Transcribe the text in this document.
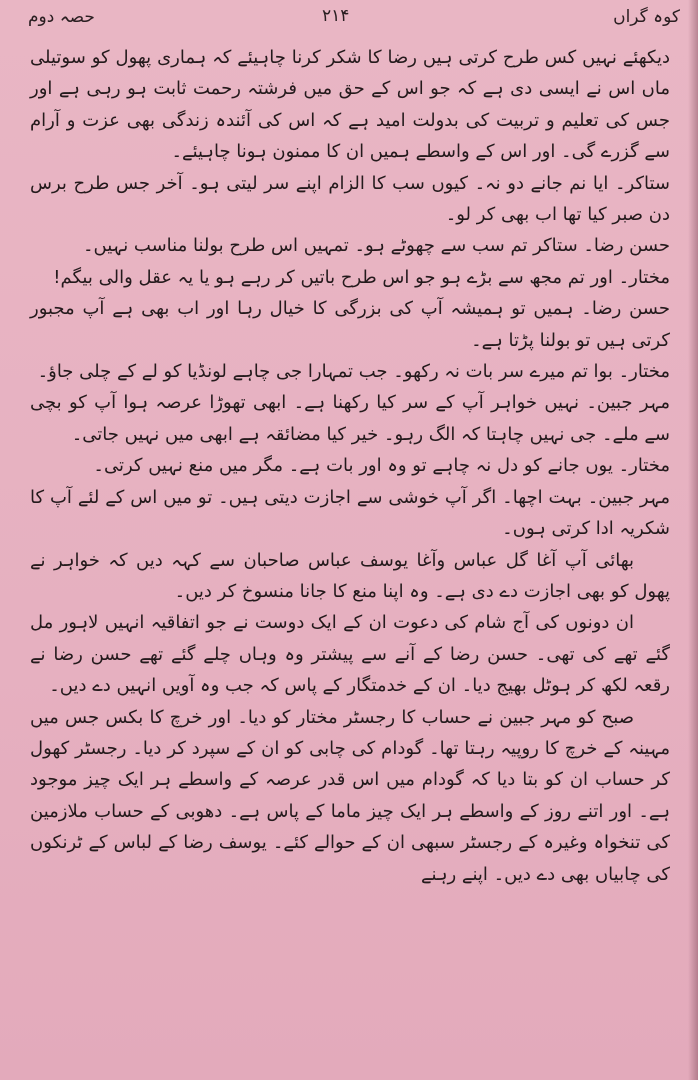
کوہ گراں
۲۱۴
حصہ دوم

دیکھئے نہیں کس طرح کرتی ہیں رضا کا شکر کرنا چاہیئے کہ ہماری پھول کو سوتیلی ماں اس نے ایسی دی ہے کہ جو اس کے حق میں فرشتہ رحمت ثابت ہو رہی ہے اور جس کی تعلیم و تربیت کی بدولت امید ہے کہ اس کی آئندہ زندگی بھی عزت و آرام سے گزرے گی۔ اور اس کے واسطے ہمیں ان کا ممنون ہونا چاہیئے۔

ستاکر۔ ایا نم جانے دو نہ۔ کیوں سب کا الزام اپنے سر لیتی ہو۔ آخر جس طرح برس دن صبر کیا تھا اب بھی کر لو۔

حسن رضا۔ ستاکر تم سب سے چھوٹے ہو۔ تمہیں اس طرح بولنا مناسب نہیں۔

مختار۔ اور تم مجھ سے بڑے ہو جو اس طرح باتیں کر رہے ہو یا یہ عقل والی بیگم!

حسن رضا۔ ہمیں تو ہمیشہ آپ کی بزرگی کا خیال رہا اور اب بھی ہے آپ مجبور کرتی ہیں تو بولنا پڑتا ہے۔

مختار۔ بوا تم میرے سر بات نہ رکھو۔ جب تمہارا جی چاہے لونڈیا کو لے کے چلی جاؤ۔

مہر جبین۔ نہیں خواہر آپ کے سر کیا رکھنا ہے۔ ابھی تھوڑا عرصہ ہوا آپ کو بچی سے ملے۔ جی نہیں چاہتا کہ الگ رہو۔ خیر کیا مضائقہ ہے ابھی میں نہیں جاتی۔

مختار۔ یوں جانے کو دل نہ چاہے تو وہ اور بات ہے۔ مگر میں منع نہیں کرتی۔

مہر جبین۔ بہت اچھا۔ اگر آپ خوشی سے اجازت دیتی ہیں۔ تو میں اس کے لئے آپ کا شکریہ ادا کرتی ہوں۔

بھائی آپ آغا گل عباس وآغا یوسف عباس صاحبان سے کہہ دیں کہ خواہر نے پھول کو بھی اجازت دے دی ہے۔ وہ اپنا منع کا جانا منسوخ کر دیں۔

ان دونوں کی آج شام کی دعوت ان کے ایک دوست نے جو اتفاقیہ انہیں لاہور مل گئے تھے کی تھی۔ حسن رضا کے آنے سے پیشتر وہ وہاں چلے گئے تھے حسن رضا نے رقعہ لکھ کر ہوٹل بھیج دیا۔ ان کے خدمتگار کے پاس کہ جب وہ آویں انہیں دے دیں۔

صبح کو مہر جبین نے حساب کا رجسٹر مختار کو دیا۔ اور خرچ کا بکس جس میں مہینہ کے خرچ کا روپیہ رہتا تھا۔ گودام کی چابی کو ان کے سپرد کر دیا۔ رجسٹر کھول کر حساب ان کو بتا دیا کہ گودام میں اس قدر عرصہ کے واسطے ہر ایک چیز موجود ہے۔ اور اتنے روز کے واسطے ہر ایک چیز ماما کے پاس ہے۔ دھوبی کے حساب ملازمین کی تنخواہ وغیرہ کے رجسٹر سبھی ان کے حوالے کئے۔ یوسف رضا کے لباس کے ٹرنکوں کی چابیاں بھی دے دیں۔ اپنے رہنے
